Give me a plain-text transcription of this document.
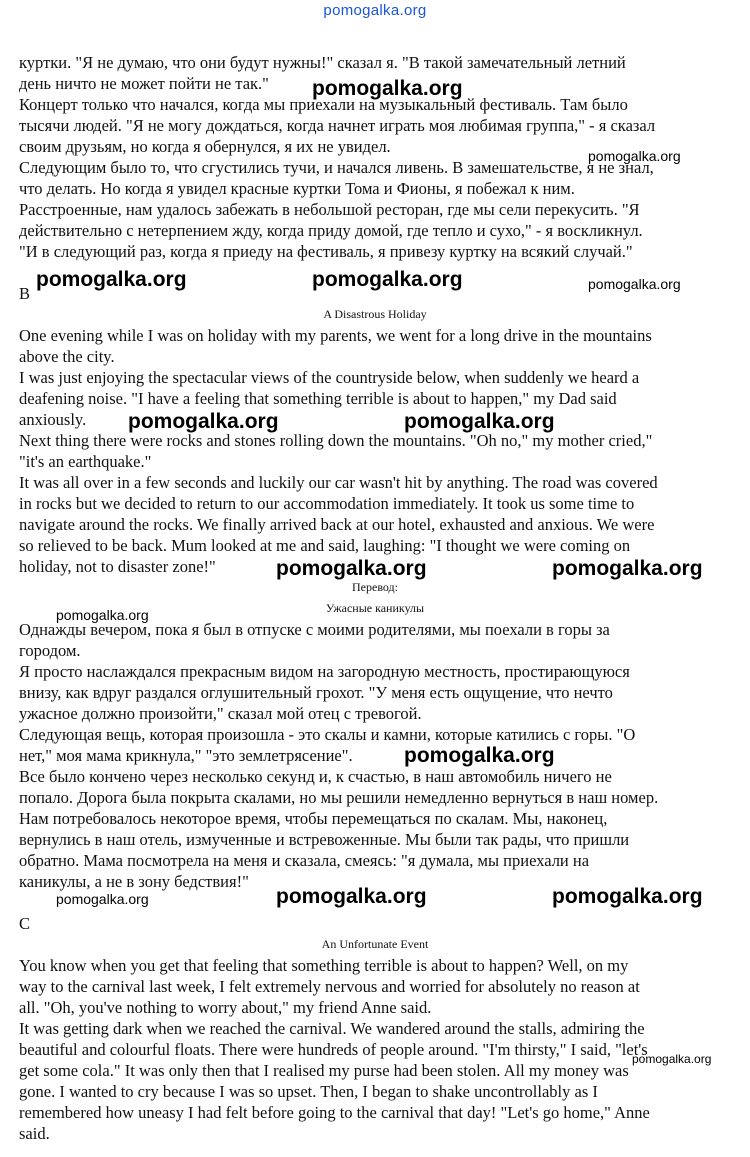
pomogalka.org
куртки. "Я не думаю, что они будут нужны!" сказал я. "В такой замечательный летний
день ничто не может пойти не так."
Концерт только что начался, когда мы приехали на музыкальный фестиваль. Там было
тысячи людей. "Я не могу дождаться, когда начнет играть моя любимая группа," - я сказал
своим друзьям, но когда я обернулся, я их не увидел.
Следующим было то, что сгустились тучи, и начался ливень. В замешательстве, я не знал,
что делать. Но когда я увидел красные куртки Тома и Фионы, я побежал к ним.
Расстроенные, нам удалось забежать в небольшой ресторан, где мы сели перекусить. "Я
действительно с нетерпением жду, когда приду домой, где тепло и сухо," - я воскликнул.
"И в следующий раз, когда я приеду на фестиваль, я привезу куртку на всякий случай."
B
A Disastrous Holiday
One evening while I was on holiday with my parents, we went for a long drive in the mountains
above the city.
I was just enjoying the spectacular views of the countryside below, when suddenly we heard a
deafening noise. "I have a feeling that something terrible is about to happen," my Dad said
anxiously.
Next thing there were rocks and stones rolling down the mountains. "Oh no," my mother cried,"
"it's an earthquake."
It was all over in a few seconds and luckily our car wasn't hit by anything. The road was covered
in rocks but we decided to return to our accommodation immediately. It took us some time to
navigate around the rocks. We finally arrived back at our hotel, exhausted and anxious. We were
so relieved to be back. Mum looked at me and said, laughing: "I thought we were coming on
holiday, not to disaster zone!"
Перевод:
Ужасные каникулы
Однажды вечером, пока я был в отпуске с моими родителями, мы поехали в горы за
городом.
Я просто наслаждался прекрасным видом на загородную местность, простирающуюся
внизу, как вдруг раздался оглушительный грохот. "У меня есть ощущение, что нечто
ужасное должно произойти," сказал мой отец с тревогой.
Следующая вещь, которая произошла - это скалы и камни, которые катились с горы. "О
нет," моя мама крикнула," "это землетрясение".
Все было кончено через несколько секунд и, к счастью, в наш автомобиль ничего не
попало. Дорога была покрыта скалами, но мы решили немедленно вернуться в наш номер.
Нам потребовалось некоторое время, чтобы перемещаться по скалам. Мы, наконец,
вернулись в наш отель, измученные и встревоженные. Мы были так рады, что пришли
обратно. Мама посмотрела на меня и сказала, смеясь: "я думала, мы приехали на
каникулы, а не в зону бедствия!"
C
An Unfortunate Event
You know when you get that feeling that something terrible is about to happen? Well, on my
way to the carnival last week, I felt extremely nervous and worried for absolutely no reason at
all. "Oh, you've nothing to worry about," my friend Anne said.
It was getting dark when we reached the carnival. We wandered around the stalls, admiring the
beautiful and colourful floats. There were hundreds of people around. "I'm thirsty," I said, "let's
get some cola." It was only then that I realised my purse had been stolen. All my money was
gone. I wanted to cry because I was so upset. Then, I began to shake uncontrollably as I
remembered how uneasy I had felt before going to the carnival that day! "Let's go home," Anne
said.
pomogalka.org
pomogalka.org
pomogalka.org	pomogalka.org	pomogalka.org
pomogalka.org	pomogalka.org
pomogalka.org	pomogalka.org
pomogalka.org
pomogalka.org
pomogalka.org	pomogalka.org
pomogalka.org
pomogalka.org
